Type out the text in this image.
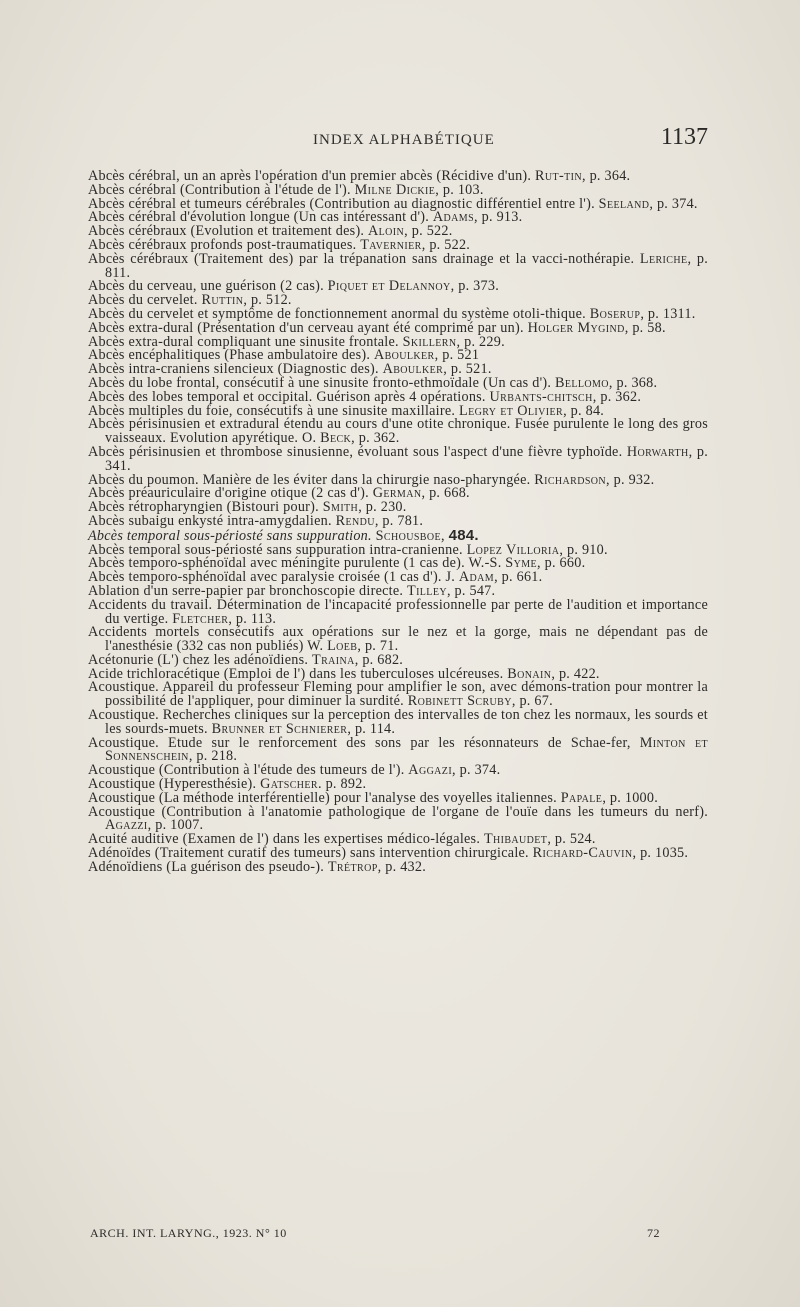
INDEX ALPHABÉTIQUE	1137

Abcès cérébral, un an après l'opération d'un premier abcès (Récidive d'un). Rut-tin, p. 364.

Abcès cérébral (Contribution à l'étude de l'). Milne Dickie, p. 103.

Abcès cérébral et tumeurs cérébrales (Contribution au diagnostic différentiel entre l'). Seeland, p. 374.

Abcès cérébral d'évolution longue (Un cas intéressant d'). Adams, p. 913.

Abcès cérébraux (Evolution et traitement des). Aloin, p. 522.

Abcès cérébraux profonds post-traumatiques. Tavernier, p. 522.

Abcès cérébraux (Traitement des) par la trépanation sans drainage et la vacci-nothérapie. Leriche, p. 811.

Abcès du cerveau, une guérison (2 cas). Piquet et Delannoy, p. 373.

Abcès du cervelet. Ruttin, p. 512.

Abcès du cervelet et symptôme de fonctionnement anormal du système otoli-thique. Boserup, p. 1311.

Abcès extra-dural (Présentation d'un cerveau ayant été comprimé par un). Holger Mygind, p. 58.

Abcès extra-dural compliquant une sinusite frontale. Skillern, p. 229.

Abcès encéphalitiques (Phase ambulatoire des). Aboulker, p. 521

Abcès intra-craniens silencieux (Diagnostic des). Aboulker, p. 521.

Abcès du lobe frontal, consécutif à une sinusite fronto-ethmoïdale (Un cas d'). Bellomo, p. 368.

Abcès des lobes temporal et occipital. Guérison après 4 opérations. Urbants-chitsch, p. 362.

Abcès multiples du foie, consécutifs à une sinusite maxillaire. Legry et Olivier, p. 84.

Abcès périsinusien et extradural étendu au cours d'une otite chronique. Fusée purulente le long des gros vaisseaux. Evolution apyrétique. O. Beck, p. 362.

Abcès périsinusien et thrombose sinusienne, évoluant sous l'aspect d'une fièvre typhoïde. Horwarth, p. 341.

Abcès du poumon. Manière de les éviter dans la chirurgie naso-pharyngée. Richardson, p. 932.

Abcès préauriculaire d'origine otique (2 cas d'). German, p. 668.

Abcès rétropharyngien (Bistouri pour). Smith, p. 230.

Abcès subaigu enkysté intra-amygdalien. Rendu, p. 781.

Abcès temporal sous-périosté sans suppuration. Schousboe, 484.

Abcès temporal sous-périosté sans suppuration intra-cranienne. Lopez Villoria, p. 910.

Abcès temporo-sphénoïdal avec méningite purulente (1 cas de). W.-S. Syme, p. 660.

Abcès temporo-sphénoïdal avec paralysie croisée (1 cas d'). J. Adam, p. 661.

Ablation d'un serre-papier par bronchoscopie directe. Tilley, p. 547.

Accidents du travail. Détermination de l'incapacité professionnelle par perte de l'audition et importance du vertige. Fletcher, p. 113.

Accidents mortels consécutifs aux opérations sur le nez et la gorge, mais ne dépendant pas de l'anesthésie (332 cas non publiés) W. Loeb, p. 71.

Acétonurie (L') chez les adénoïdiens. Traina, p. 682.

Acide trichloracétique (Emploi de l') dans les tuberculoses ulcéreuses. Bonain, p. 422.

Acoustique. Appareil du professeur Fleming pour amplifier le son, avec démons-tration pour montrer la possibilité de l'appliquer, pour diminuer la surdité. Robinett Scruby, p. 67.

Acoustique. Recherches cliniques sur la perception des intervalles de ton chez les normaux, les sourds et les sourds-muets. Brunner et Schnierer, p. 114.

Acoustique. Etude sur le renforcement des sons par les résonnateurs de Schae-fer, Minton et Sonnenschein, p. 218.

Acoustique (Contribution à l'étude des tumeurs de l'). Aggazi, p. 374.

Acoustique (Hyperesthésie). Gatscher. p. 892.

Acoustique (La méthode interférentielle) pour l'analyse des voyelles italiennes. Papale, p. 1000.

Acoustique (Contribution à l'anatomie pathologique de l'organe de l'ouïe dans les tumeurs du nerf). Agazzi, p. 1007.

Acuité auditive (Examen de l') dans les expertises médico-légales. Thibaudet, p. 524.

Adénoïdes (Traitement curatif des tumeurs) sans intervention chirurgicale. Richard-Cauvin, p. 1035.

Adénoïdiens (La guérison des pseudo-). Trétrop, p. 432.

ARCH. INT. LARYNG., 1923. N° 10	72
